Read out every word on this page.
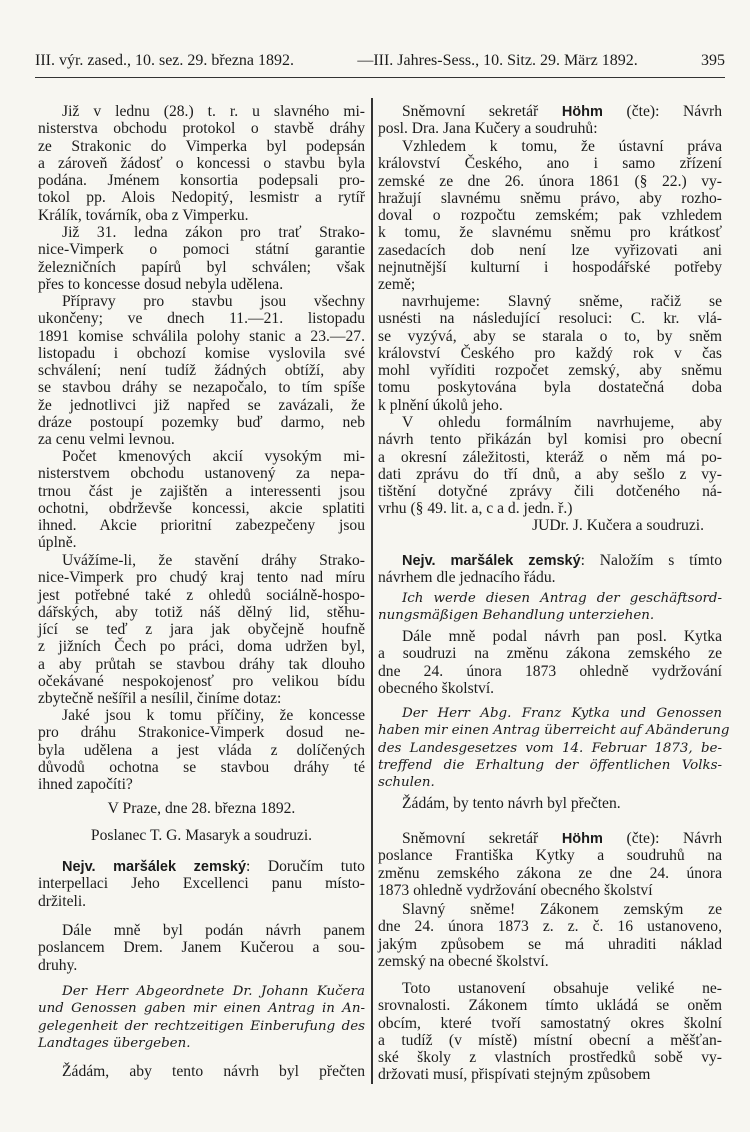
III. výr. zased., 10. sez. 29. března 1892.	—III. Jahres-Sess., 10. Sitz. 29. März 1892.	395
Již v lednu (28.) t. r. u slavného mi-
nisterstva obchodu protokol o stavbě dráhy
ze Strakonic do Vimperka byl podepsán
a zároveň žádosť o koncessi o stavbu byla
podána. Jménem konsortia podepsali pro-
tokol pp. Alois Nedopitý, lesmistr a rytíř
Králík, továrník, oba z Vimperku.
Již 31. ledna zákon pro trať Strako-
nice-Vimperk o pomoci státní garantie
železničních papírů byl schválen; však
přes to koncesse dosud nebyla udělena.
Přípravy pro stavbu jsou všechny
ukončeny; ve dnech 11.—21. listopadu
1891 komise schválila polohy stanic a 23.—27.
listopadu i obchozí komise vyslovila své
schválení; není tudíž žádných obtíží, aby
se stavbou dráhy se nezapočalo, to tím spíše
že jednotlivci již napřed se zavázali, že
dráze postoupí pozemky buď darmo, neb
za cenu velmi levnou.
Počet kmenových akcií vysokým mi-
nisterstvem obchodu ustanovený za nepa-
trnou část je zajištěn a interessenti jsou
ochotni, obdrževše koncessi, akcie splatiti
ihned. Akcie prioritní zabezpečeny jsou
úplně.
Uvážíme-li, že stavění dráhy Strako-
nice-Vimperk pro chudý kraj tento nad míru
jest potřebné také z ohledů sociálně-hospo-
dářských, aby totiž náš dělný lid, stěhu-
jící se teď z jara jak obyčejně houfně
z jižních Čech po práci, doma udržen byl,
a aby průtah se stavbou dráhy tak dlouho
očekávané nespokojenosť pro velikou bídu
zbytečně nešířil a nesílil, činíme dotaz:
Jaké jsou k tomu příčiny, že koncesse
pro dráhu Strakonice-Vimperk dosud ne-
byla udělena a jest vláda z dolíčených
důvodů ochotna se stavbou dráhy té
ihned započíti?
V Praze, dne 28. března 1892.
Poslanec T. G. Masaryk a soudruzi.
Nejv. maršálek zemský: Doručím tuto
interpellaci Jeho Excellenci panu místo-
držiteli.
Dále mně byl podán návrh panem
poslancem Drem. Janem Kučerou a sou-
druhy.
Der Herr Abgeordnete Dr. Johann Kučera
und Genossen gaben mir einen Antrag in An-
gelegenheit der rechtzeitigen Einberufung des
Landtages übergeben.
Žádám, aby tento návrh byl přečten
Sněmovní sekretář Höhm (čte): Návrh
posl. Dra. Jana Kučery a soudruhů:
Vzhledem k tomu, že ústavní práva
království Českého, ano i samo zřízení
zemské ze dne 26. února 1861 (§ 22.) vy-
hražují slavnému sněmu právo, aby rozho-
doval o rozpočtu zemském; pak vzhledem
k tomu, že slavnému sněmu pro krátkosť
zasedacích dob není lze vyřizovati ani
nejnutnější kulturní i hospodářské potřeby
země;
navrhujeme: Slavný sněme, račiž se
usnésti na následující resoluci: C. kr. vlá-
se vyzývá, aby se starala o to, by sněm
království Českého pro každý rok v čas
mohl vyříditi rozpočet zemský, aby sněmu
tomu poskytována byla dostatečná doba
k plnění úkolů jeho.
V ohledu formálním navrhujeme, aby
návrh tento přikázán byl komisi pro obecní
a okresní záležitosti, kteráž o něm má po-
dati zprávu do tří dnů, a aby sešlo z vy-
tištění dotyčné zprávy čili dotčeného ná-
vrhu (§ 49. lit. a, c a d. jedn. ř.)
JUDr. J. Kučera a soudruzi.
Nejv. maršálek zemský: Naložím s tímto
návrhem dle jednacího řádu.
Ich werde diesen Antrag der geschäftsord-
nungsmäßigen Behandlung unterziehen.
Dále mně podal návrh pan posl. Kytka
a soudruzi na změnu zákona zemského ze
dne 24. února 1873 ohledně vydržování
obecného školství.
Der Herr Abg. Franz Kytka und Genossen
haben mir einen Antrag überreicht auf Abänderung
des Landesgesetzes vom 14. Februar 1873, be-
treffend die Erhaltung der öffentlichen Volks-
schulen.
Žádám, by tento návrh byl přečten.
Sněmovní sekretář Höhm (čte): Návrh
poslance Františka Kytky a soudruhů na
změnu zemského zákona ze dne 24. února
1873 ohledně vydržování obecného školství
Slavný sněme! Zákonem zemským ze
dne 24. února 1873 z. z. č. 16 ustanoveno,
jakým způsobem se má uhraditi náklad
zemský na obecné školství.
Toto ustanovení obsahuje veliké ne-
srovnalosti. Zákonem tímto ukládá se oněm
obcím, které tvoří samostatný okres školní
a tudíž (v místě) místní obecní a měšťan-
ské školy z vlastních prostředků sobě vy-
držovati musí, přispívati stejným způsobem
